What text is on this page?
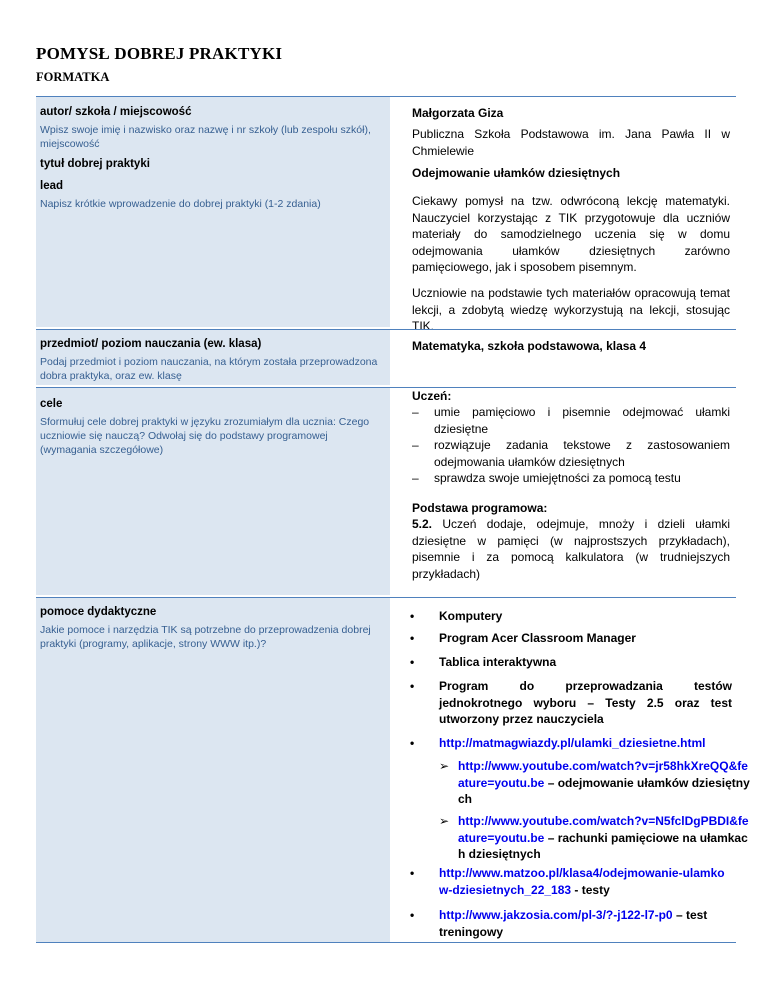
POMYSŁ DOBREJ PRAKTYKI
FORMATKA
autor/ szkoła / miejscowość
Wpisz swoje imię i nazwisko oraz nazwę i nr szkoły (lub zespołu szkół), miejscowość
tytuł dobrej praktyki
lead
Napisz krótkie wprowadzenie do dobrej praktyki (1-2 zdania)
Małgorzata Giza
Publiczna Szkoła Podstawowa im. Jana Pawła II w Chmielewie
Odejmowanie ułamków dziesiętnych
Ciekawy pomysł na tzw. odwróconą lekcję matematyki. Nauczyciel korzystając z TIK przygotowuje dla uczniów materiały do samodzielnego uczenia się w domu odejmowania ułamków dziesiętnych zarówno pamięciowego, jak i sposobem pisemnym.
Uczniowie na podstawie tych materiałów opracowują temat lekcji, a zdobytą wiedzę wykorzystują na lekcji, stosując TIK.
przedmiot/ poziom nauczania (ew. klasa)
Podaj przedmiot i poziom nauczania, na którym została przeprowadzona dobra praktyka, oraz ew. klasę
Matematyka, szkoła podstawowa, klasa 4
cele
Sformułuj cele dobrej praktyki w języku zrozumiałym dla ucznia: Czego uczniowie się nauczą? Odwołaj się do podstawy programowej (wymagania szczegółowe)
Uczeń:
– umie pamięciowo i pisemnie odejmować ułamki dziesiętne
– rozwiązuje zadania tekstowe z zastosowaniem odejmowania ułamków dziesiętnych
– sprawdza swoje umiejętności za pomocą testu
Podstawa programowa:
5.2. Uczeń dodaje, odejmuje, mnoży i dzieli ułamki dziesiętne w pamięci (w najprostszych przykładach), pisemnie i za pomocą kalkulatora (w trudniejszych przykładach)
pomoce dydaktyczne
Jakie pomoce i narzędzia TIK są potrzebne do przeprowadzenia dobrej praktyki (programy, aplikacje, strony WWW itp.)?
• Komputery
• Program Acer Classroom Manager
• Tablica interaktywna
• Program do przeprowadzania testów jednokrotnego wyboru – Testy 2.5 oraz test utworzony przez nauczyciela
• http://matmagwiazdy.pl/ulamki_dziesietne.html
➢ http://www.youtube.com/watch?v=jr58hkXreQQ&feature=youtu.be – odejmowanie ułamków dziesiętnych
➢ http://www.youtube.com/watch?v=N5fclDgPBDI&feature=youtu.be – rachunki pamięciowe na ułamkach dziesiętnych
• http://www.matzoo.pl/klasa4/odejmowanie-ulamkow-dziesietnych_22_183 - testy
• http://www.jakzosia.com/pl-3/?-j122-l7-p0 – test treningowy
